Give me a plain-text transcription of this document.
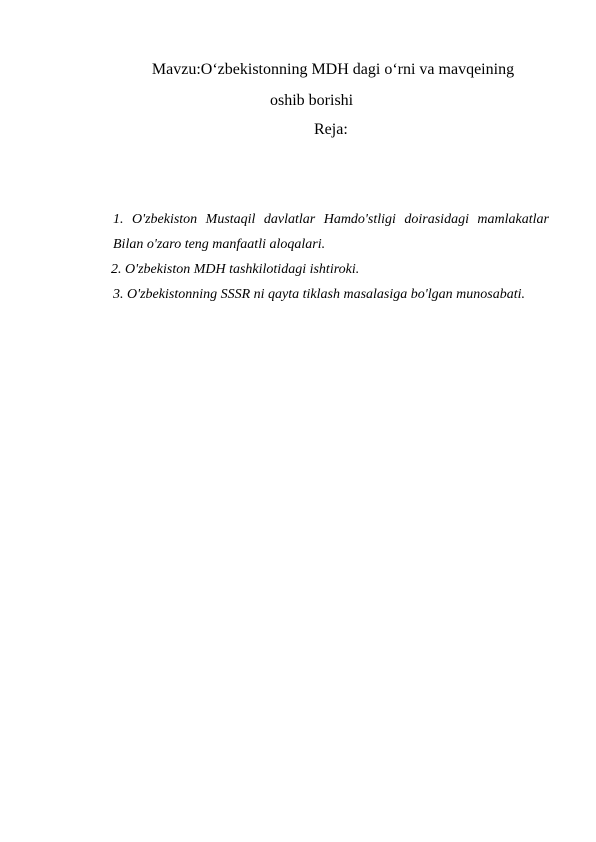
Mavzu:O‘zbekistonning MDH dagi o‘rni va mavqeining
oshib borishi
Reja:
1. O'zbekiston Mustaqil davlatlar Hamdo'stligi doirasidagi mamlakatlar Bilan o'zaro teng manfaatli aloqalari.
2. O'zbekiston MDH tashkilotidagi ishtiroki.
3. O'zbekistonning SSSR ni qayta tiklash masalasiga bo'lgan munosabati.
